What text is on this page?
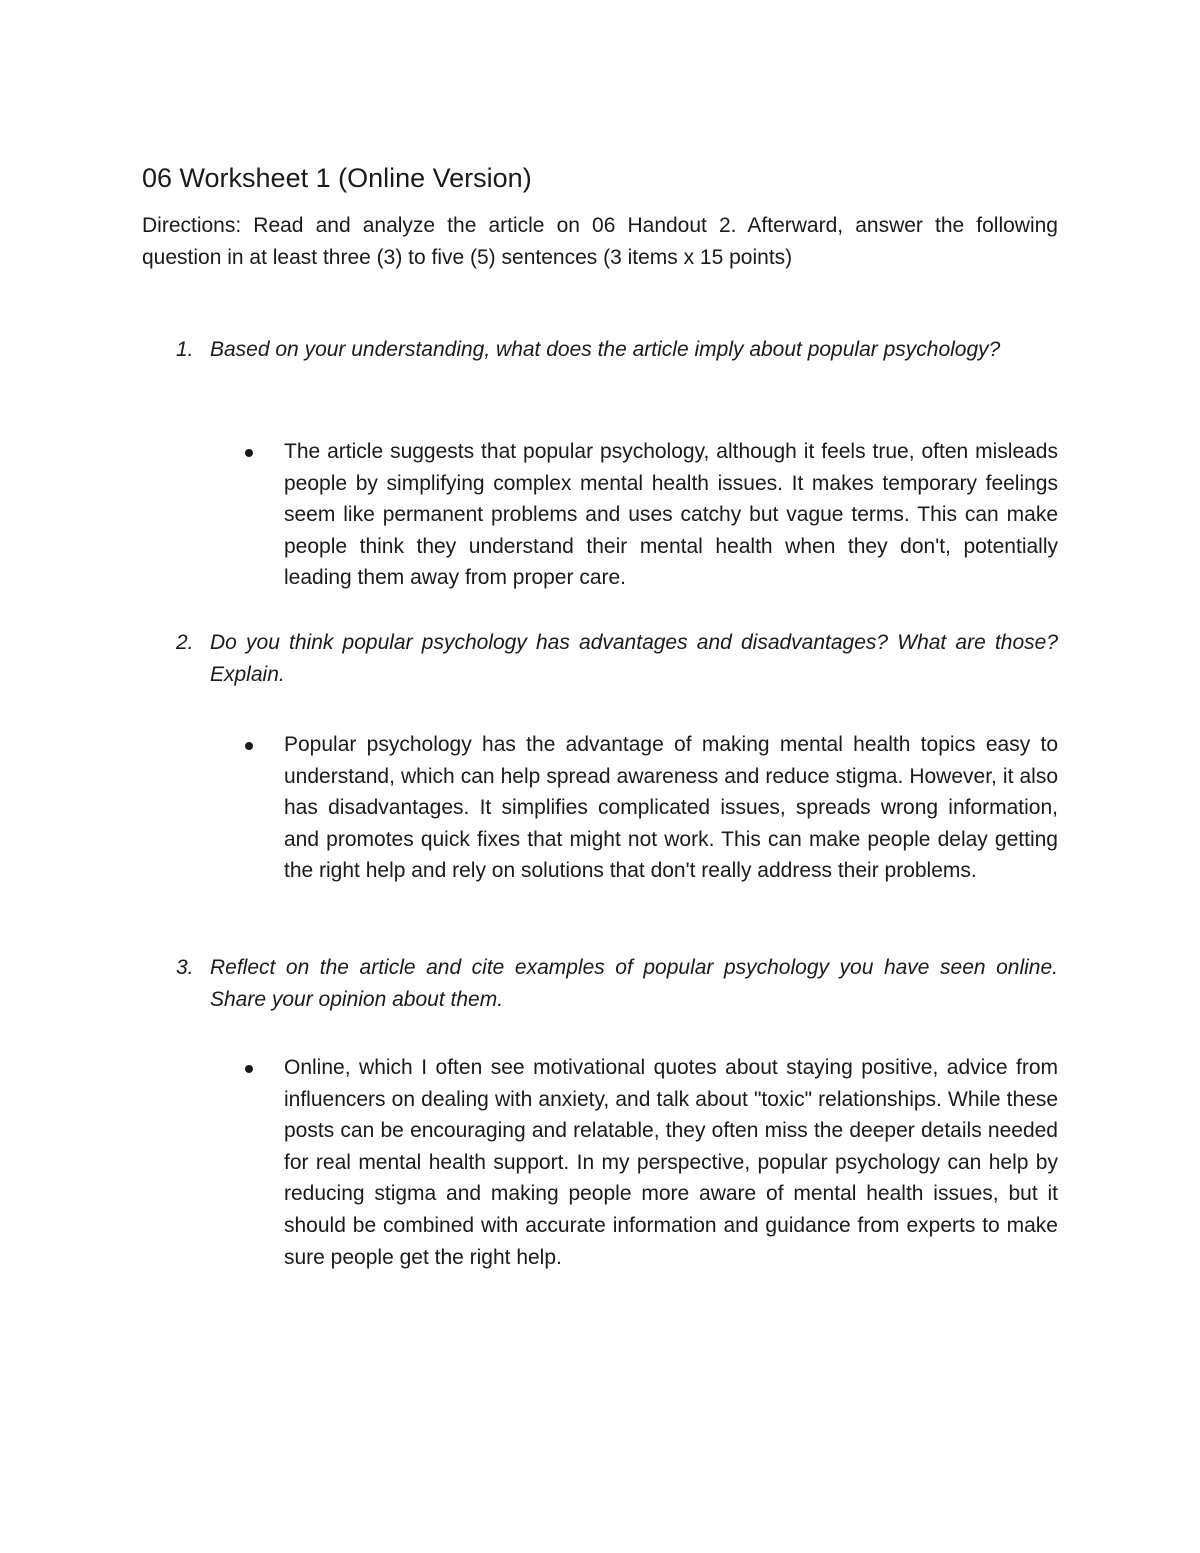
06 Worksheet 1 (Online Version)

Directions: Read and analyze the article on 06 Handout 2. Afterward, answer the following question in at least three (3) to five (5) sentences (3 items x 15 points)

1. Based on your understanding, what does the article imply about popular psychology?
The article suggests that popular psychology, although it feels true, often misleads people by simplifying complex mental health issues. It makes temporary feelings seem like permanent problems and uses catchy but vague terms. This can make people think they understand their mental health when they don't, potentially leading them away from proper care.
2. Do you think popular psychology has advantages and disadvantages? What are those? Explain.
Popular psychology has the advantage of making mental health topics easy to understand, which can help spread awareness and reduce stigma. However, it also has disadvantages. It simplifies complicated issues, spreads wrong information, and promotes quick fixes that might not work. This can make people delay getting the right help and rely on solutions that don't really address their problems.
3. Reflect on the article and cite examples of popular psychology you have seen online. Share your opinion about them.
Online, which I often see motivational quotes about staying positive, advice from influencers on dealing with anxiety, and talk about "toxic" relationships. While these posts can be encouraging and relatable, they often miss the deeper details needed for real mental health support. In my perspective, popular psychology can help by reducing stigma and making people more aware of mental health issues, but it should be combined with accurate information and guidance from experts to make sure people get the right help.
